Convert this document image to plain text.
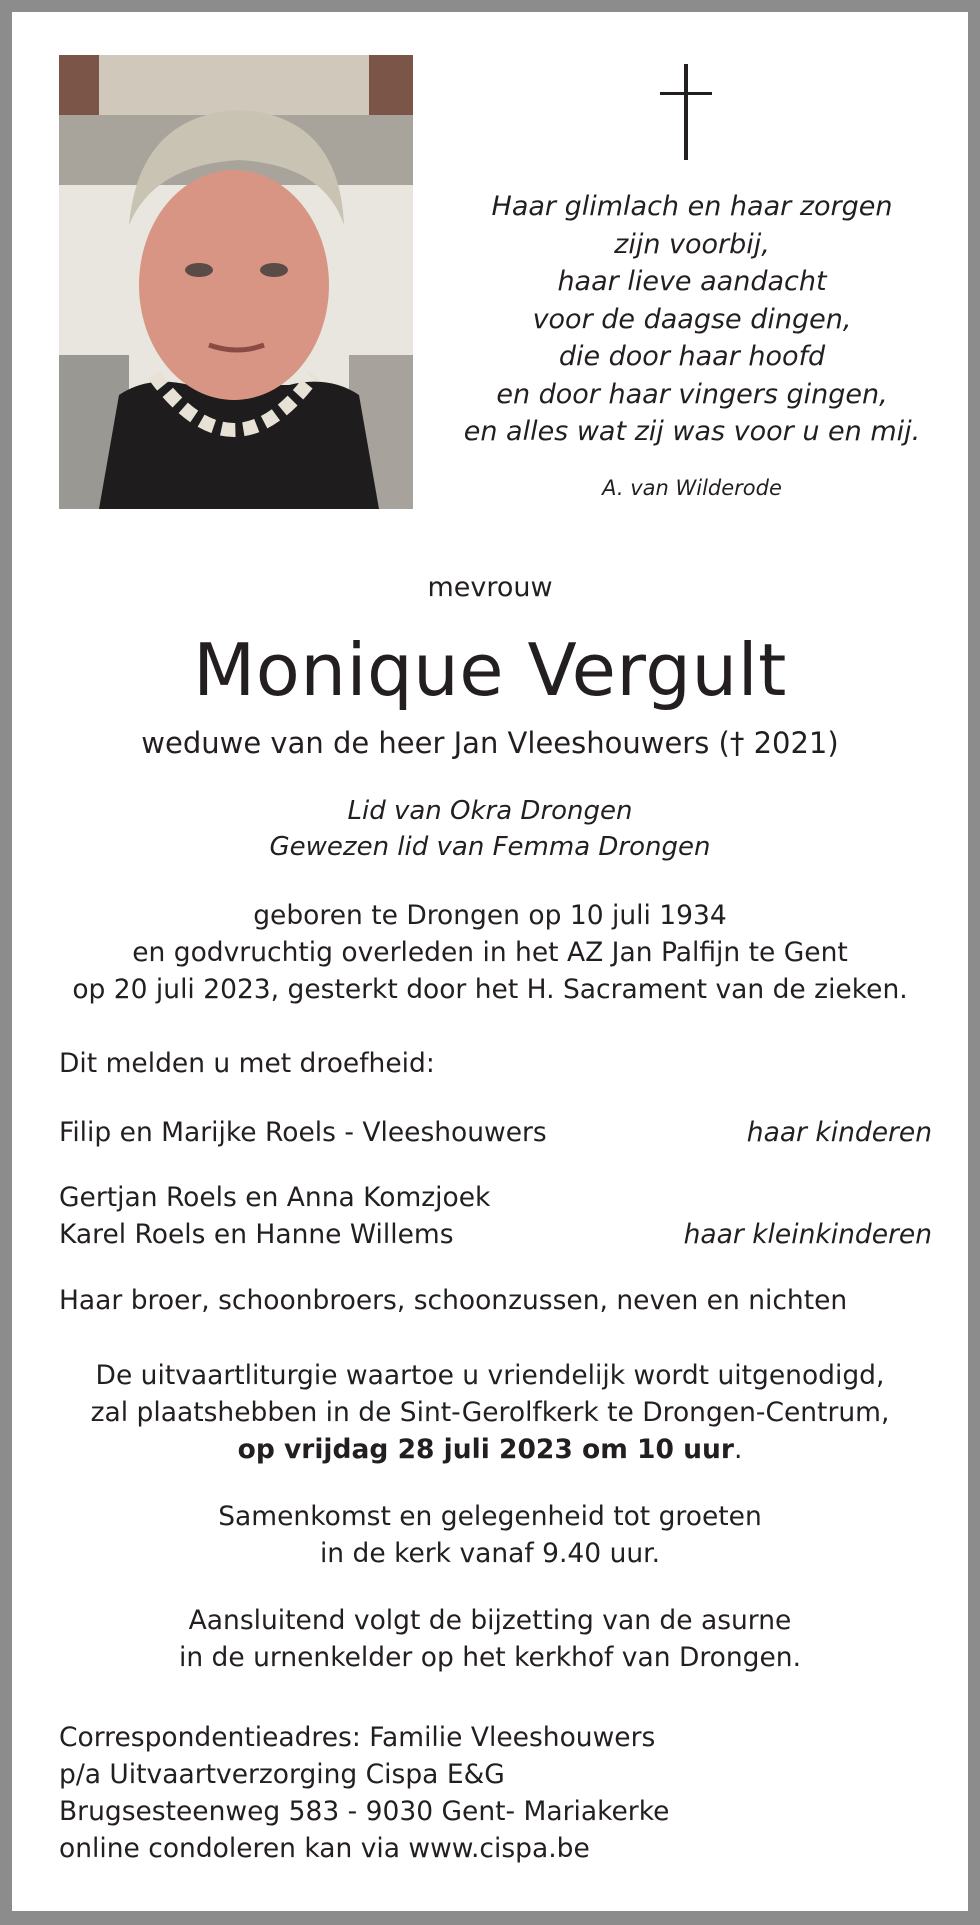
Haar glimlach en haar zorgen
zijn voorbij,
haar lieve aandacht
voor de daagse dingen,
die door haar hoofd
en door haar vingers gingen,
en alles wat zij was voor u en mij.
A. van Wilderode
mevrouw
Monique Vergult
weduwe van de heer Jan Vleeshouwers († 2021)
Lid van Okra Drongen
Gewezen lid van Femma Drongen
geboren te Drongen op 10 juli 1934
en godvruchtig overleden in het AZ Jan Palfijn te Gent
op 20 juli 2023, gesterkt door het H. Sacrament van de zieken.
Dit melden u met droefheid:
Filip en Marijke Roels - Vleeshouwers	haar kinderen
Gertjan Roels en Anna Komzjoek
Karel Roels en Hanne Willems	haar kleinkinderen
Haar broer, schoonbroers, schoonzussen, neven en nichten
De uitvaartliturgie waartoe u vriendelijk wordt uitgenodigd,
zal plaatshebben in de Sint-Gerolfkerk te Drongen-Centrum,
op vrijdag 28 juli 2023 om 10 uur.
Samenkomst en gelegenheid tot groeten
in de kerk vanaf 9.40 uur.
Aansluitend volgt de bijzetting van de asurne
in de urnenkelder op het kerkhof van Drongen.
Correspondentieadres: Familie Vleeshouwers
p/a Uitvaartverzorging Cispa E&G
Brugsesteenweg 583 - 9030 Gent- Mariakerke
online condoleren kan via www.cispa.be
